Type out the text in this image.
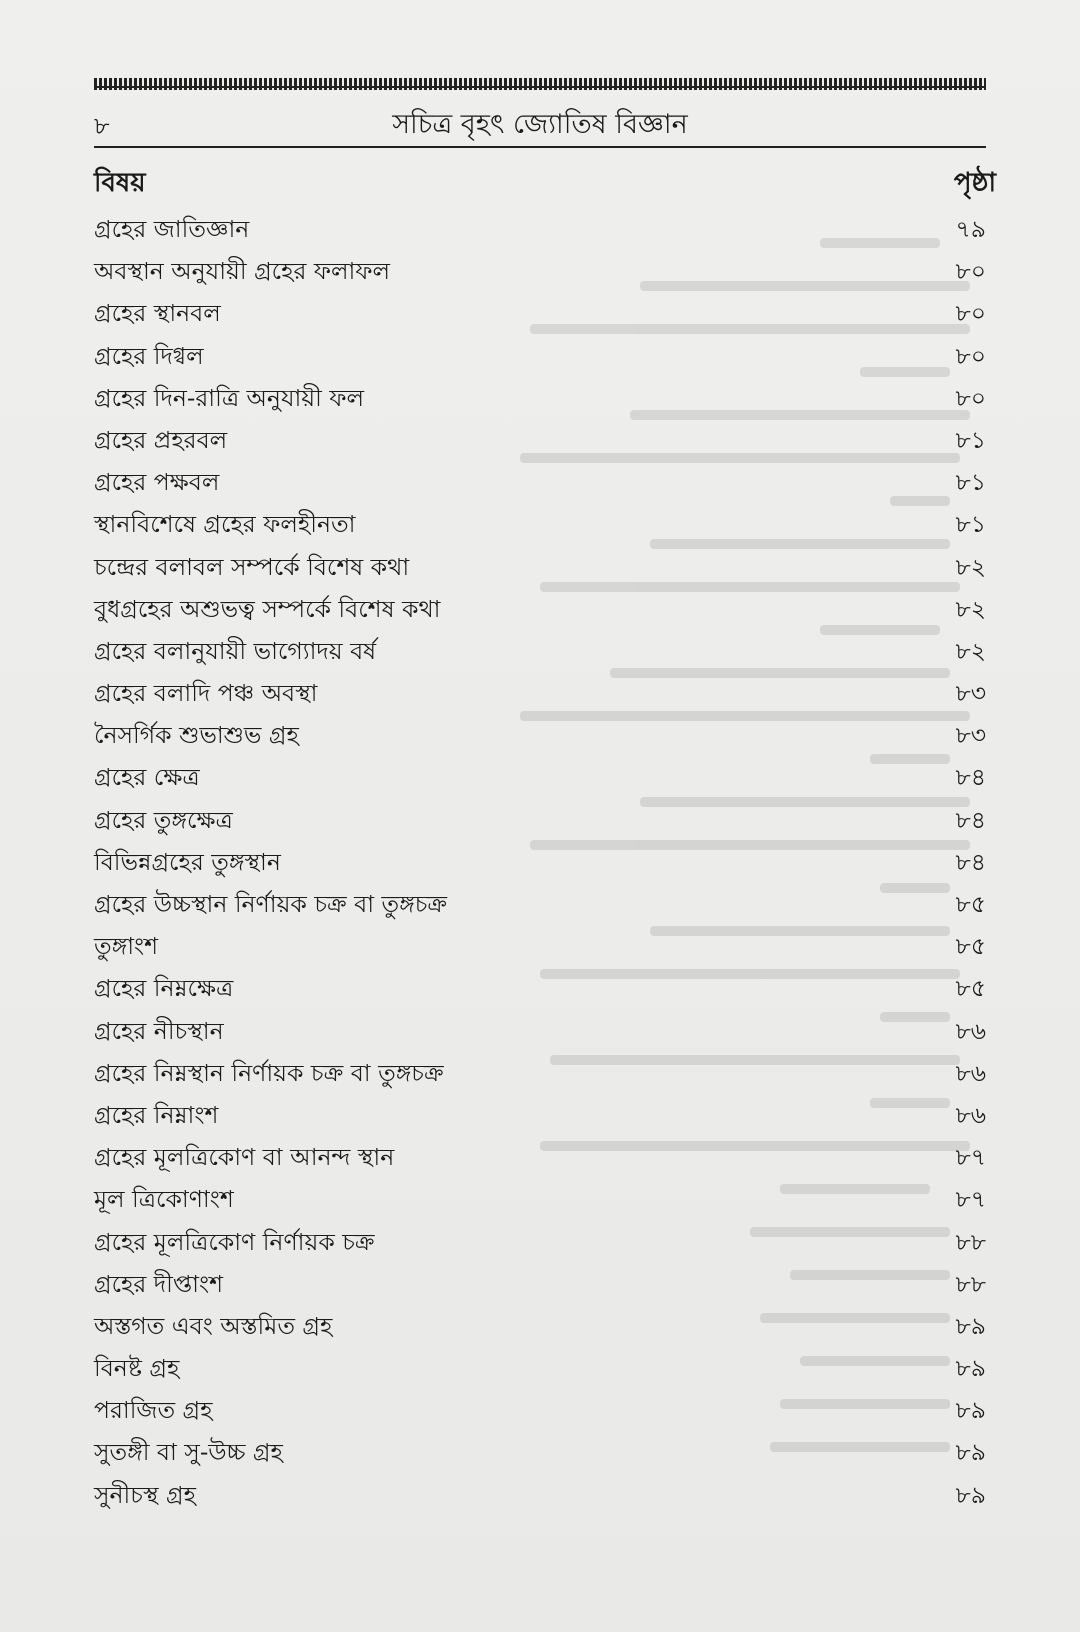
৮	সচিত্র বৃহৎ জ্যোতিষ বিজ্ঞান
বিষয়	পৃষ্ঠা
গ্রহের জাতিজ্ঞান	৭৯
অবস্থান অনুযায়ী গ্রহের ফলাফল	৮০
গ্রহের স্থানবল	৮০
গ্রহের দিগ্বল	৮০
গ্রহের দিন-রাত্রি অনুযায়ী ফল	৮০
গ্রহের প্রহরবল	৮১
গ্রহের পক্ষবল	৮১
স্থানবিশেষে গ্রহের ফলহীনতা	৮১
চন্দ্রের বলাবল সম্পর্কে বিশেষ কথা	৮২
বুধগ্রহের অশুভত্ব সম্পর্কে বিশেষ কথা	৮২
গ্রহের বলানুযায়ী ভাগ্যোদয় বর্ষ	৮২
গ্রহের বলাদি পঞ্চ অবস্থা	৮৩
নৈসর্গিক শুভাশুভ গ্রহ	৮৩
গ্রহের ক্ষেত্র	৮৪
গ্রহের তুঙ্গক্ষেত্র	৮৪
বিভিন্নগ্রহের তুঙ্গস্থান	৮৪
গ্রহের উচ্চস্থান নির্ণায়ক চক্র বা তুঙ্গচক্র	৮৫
তুঙ্গাংশ	৮৫
গ্রহের নিম্নক্ষেত্র	৮৫
গ্রহের নীচস্থান	৮৬
গ্রহের নিম্নস্থান নির্ণায়ক চক্র বা তুঙ্গচক্র	৮৬
গ্রহের নিম্নাংশ	৮৬
গ্রহের মূলত্রিকোণ বা আনন্দ স্থান	৮৭
মূল ত্রিকোণাংশ	৮৭
গ্রহের মূলত্রিকোণ নির্ণায়ক চক্র	৮৮
গ্রহের দীপ্তাংশ	৮৮
অস্তগত এবং অস্তমিত গ্রহ	৮৯
বিনষ্ট গ্রহ	৮৯
পরাজিত গ্রহ	৮৯
সুতঙ্গী বা সু-উচ্চ গ্রহ	৮৯
সুনীচস্থ গ্রহ	৮৯
